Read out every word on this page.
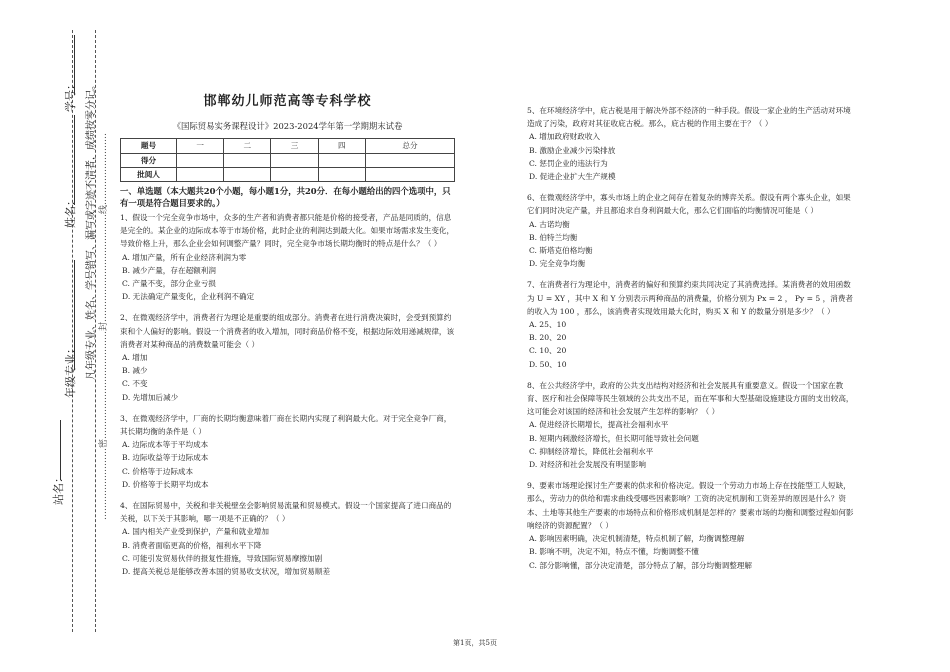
学号：
姓名：
年级专业：
站名：
凡年级专业、姓名、学号错写、漏写或字迹不清者，成绩按零分记。 ……………………密………………………………封………………………………线……………………
邯郸幼儿师范高等专科学校
《国际贸易实务课程设计》2023-2024学年第一学期期末试卷
题号	一	二	三	四	总分
得分					
批阅人					
一、单选题（本大题共20个小题，每小题1分，共20分．在每小题给出的四个选项中，只有一项是符合题目要求的。）
1、假设一个完全竞争市场中，众多的生产者和消费者都只能是价格的接受者，产品是同质的，信息是完全的。某企业的边际成本等于市场价格，此时企业的利润达到最大化。如果市场需求发生变化，导致价格上升，那么企业会如何调整产量？同时，完全竞争市场长期均衡时的特点是什么？（ ）
A. 增加产量，所有企业经济利润为零
B. 减少产量，存在超额利润
C. 产量不变，部分企业亏损
D. 无法确定产量变化，企业利润不确定
2、在微观经济学中，消费者行为理论是重要的组成部分。消费者在进行消费决策时，会受到预算约束和个人偏好的影响。假设一个消费者的收入增加，同时商品价格不变，根据边际效用递减规律，该消费者对某种商品的消费数量可能会（ ）
A. 增加
B. 减少
C. 不变
D. 先增加后减少
3、在微观经济学中，厂商的长期均衡意味着厂商在长期内实现了利润最大化。对于完全竞争厂商，其长期均衡的条件是（ ）
A. 边际成本等于平均成本
B. 边际收益等于边际成本
C. 价格等于边际成本
D. 价格等于长期平均成本
4、在国际贸易中，关税和非关税壁垒会影响贸易流量和贸易模式。假设一个国家提高了进口商品的关税，以下关于其影响，哪一项是不正确的？（ ）
A. 国内相关产业受到保护，产量和就业增加
B. 消费者面临更高的价格，福利水平下降
C. 可能引发贸易伙伴的报复性措施，导致国际贸易摩擦加剧
D. 提高关税总是能够改善本国的贸易收支状况，增加贸易顺差
5、在环境经济学中，庇古税是用于解决外部不经济的一种手段。假设一家企业的生产活动对环境造成了污染，政府对其征收庇古税。那么，庇古税的作用主要在于？（ ）
A. 增加政府财政收入
B. 激励企业减少污染排放
C. 惩罚企业的违法行为
D. 促进企业扩大生产规模
6、在微观经济学中，寡头市场上的企业之间存在着复杂的博弈关系。假设有两个寡头企业，如果它们同时决定产量，并且都追求自身利润最大化，那么它们面临的均衡情况可能是（ ）
A. 古诺均衡
B. 伯特兰均衡
C. 斯塔克伯格均衡
D. 完全竞争均衡
7、在消费者行为理论中，消费者的偏好和预算约束共同决定了其消费选择。某消费者的效用函数为 U = XY ，其中 X 和 Y 分别表示两种商品的消费量，价格分别为 Px = 2 ， Py = 5 ，消费者的收入为 100 ，那么，该消费者实现效用最大化时，购买 X 和 Y 的数量分别是多少？（ ）
A. 25、10
B. 20、20
C. 10、20
D. 50、10
8、在公共经济学中，政府的公共支出结构对经济和社会发展具有重要意义。假设一个国家在教育、医疗和社会保障等民生领域的公共支出不足，而在军事和大型基础设施建设方面的支出较高，这可能会对该国的经济和社会发展产生怎样的影响？（ ）
A. 促进经济长期增长，提高社会福利水平
B. 短期内刺激经济增长，但长期可能导致社会问题
C. 抑制经济增长，降低社会福利水平
D. 对经济和社会发展没有明显影响
9、要素市场理论探讨生产要素的供求和价格决定。假设一个劳动力市场上存在技能型工人短缺，那么，劳动力的供给和需求曲线受哪些因素影响？工资的决定机制和工资差异的原因是什么？资本、土地等其他生产要素的市场特点和价格形成机制是怎样的？要素市场的均衡和调整过程如何影响经济的资源配置？（ ）
A. 影响因素明确，决定机制清楚，特点机制了解，均衡调整理解
B. 影响不明，决定不知，特点不懂，均衡调整不懂
C. 部分影响懂，部分决定清楚，部分特点了解，部分均衡调整理解
第1页，共5页
